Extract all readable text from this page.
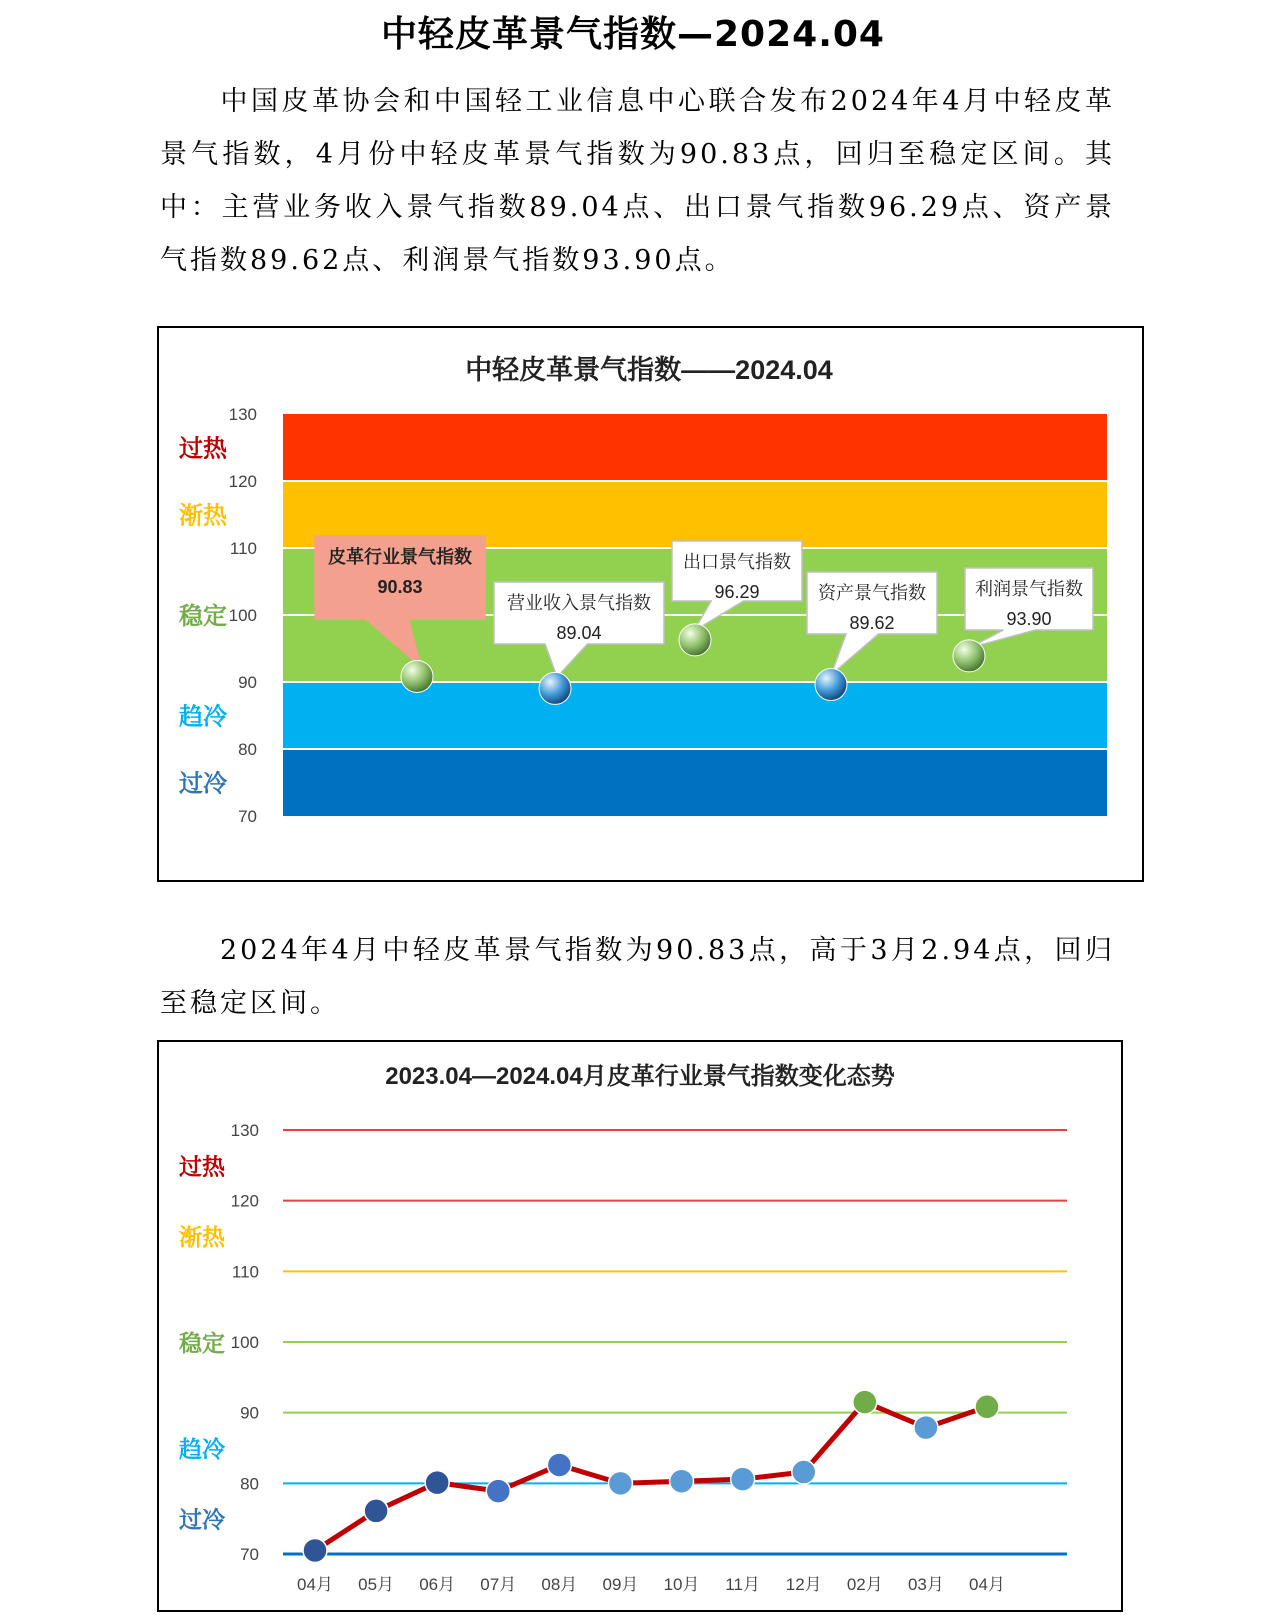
中轻皮革景气指数—2024.04
中国皮革协会和中国轻工业信息中心联合发布2024年4月中轻皮革景气指数，4月份中轻皮革景气指数为90.83点，回归至稳定区间。其中：主营业务收入景气指数89.04点、出口景气指数96.29点、资产景气指数89.62点、利润景气指数93.90点。
中轻皮革景气指数——2024.04
70
80
90
100
110
120
130
过冷
趋冷
稳定
渐热
过热
皮革行业景气指数
90.83
营业收入景气指数
89.04
出口景气指数
96.29	资产景气指数
89.62
利润景气指数
93.90
2024年4月中轻皮革景气指数为90.83点，高于3月2.94点，回归至稳定区间。
2023.04—2024.04月皮革行业景气指数变化态势
70
80
90
100
110
120
130
过热
渐热
稳定
趋冷
过冷
04月 05月 06月 07月 08月 09月 10月 11月 12月 02月 03月 04月
